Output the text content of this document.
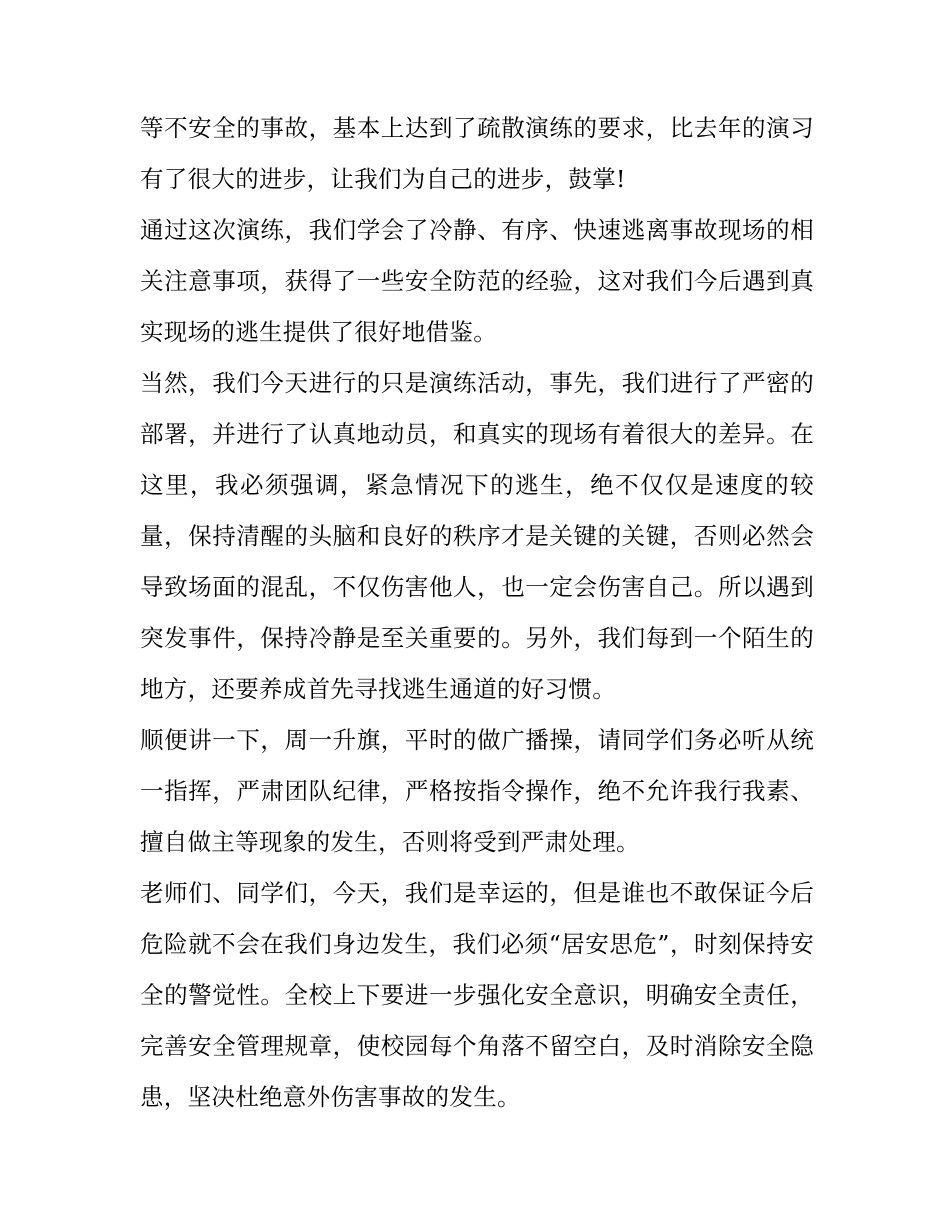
等不安全的事故，基本上达到了疏散演练的要求，比去年的演习有了很大的进步，让我们为自己的进步，鼓掌!

通过这次演练，我们学会了冷静、有序、快速逃离事故现场的相关注意事项，获得了一些安全防范的经验，这对我们今后遇到真实现场的逃生提供了很好地借鉴。

当然，我们今天进行的只是演练活动，事先，我们进行了严密的部署，并进行了认真地动员，和真实的现场有着很大的差异。在这里，我必须强调，紧急情况下的逃生，绝不仅仅是速度的较量，保持清醒的头脑和良好的秩序才是关键的关键，否则必然会导致场面的混乱，不仅伤害他人，也一定会伤害自己。所以遇到突发事件，保持冷静是至关重要的。另外，我们每到一个陌生的地方，还要养成首先寻找逃生通道的好习惯。

顺便讲一下，周一升旗，平时的做广播操，请同学们务必听从统一指挥，严肃团队纪律，严格按指令操作，绝不允许我行我素、擅自做主等现象的发生，否则将受到严肃处理。

老师们、同学们，今天，我们是幸运的，但是谁也不敢保证今后危险就不会在我们身边发生，我们必须“居安思危”，时刻保持安全的警觉性。全校上下要进一步强化安全意识，明确安全责任，完善安全管理规章，使校园每个角落不留空白，及时消除安全隐患，坚决杜绝意外伤害事故的发生。
